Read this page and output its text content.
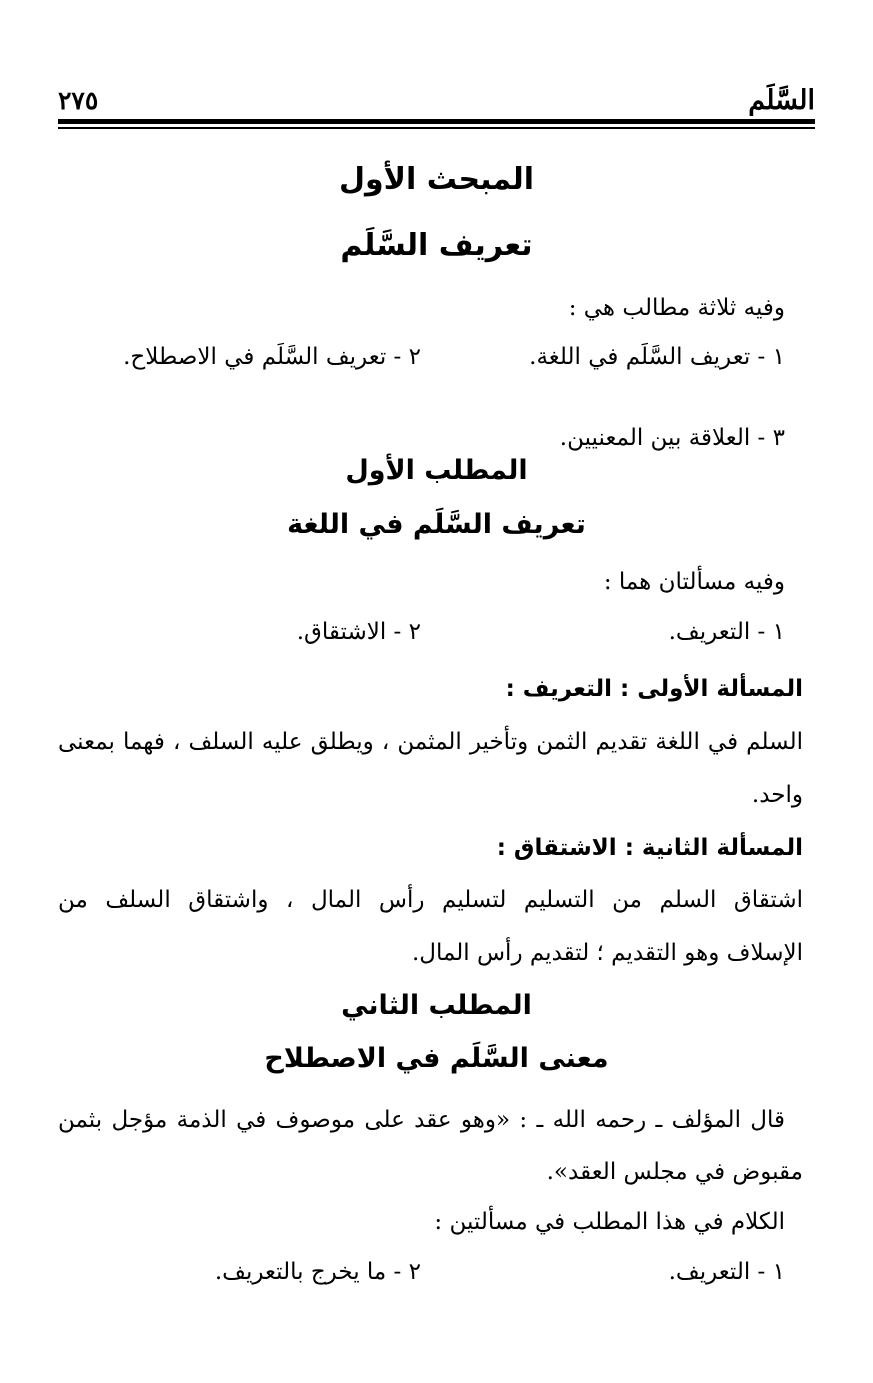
السَّلَم
٢٧٥
المبحث الأول
تعريف السَّلَم
وفيه ثلاثة مطالب هي :
١ - تعريف السَّلَم في اللغة.
٢ - تعريف السَّلَم في الاصطلاح.
٣ - العلاقة بين المعنيين.
المطلب الأول
تعريف السَّلَم في اللغة
وفيه مسألتان هما :
١ - التعريف.
٢ - الاشتقاق.
المسألة الأولى : التعريف :
السلم في اللغة تقديم الثمن وتأخير المثمن ، ويطلق عليه السلف ، فهما بمعنى
واحد.
المسألة الثانية : الاشتقاق :
اشتقاق السلم من التسليم لتسليم رأس المال ، واشتقاق السلف من
الإسلاف وهو التقديم ؛ لتقديم رأس المال.
المطلب الثاني
معنى السَّلَم في الاصطلاح
قال المؤلف ـ رحمه الله ـ : «وهو عقد على موصوف في الذمة مؤجل بثمن
مقبوض في مجلس العقد».
الكلام في هذا المطلب في مسألتين :
١ - التعريف.
٢ - ما يخرج بالتعريف.
